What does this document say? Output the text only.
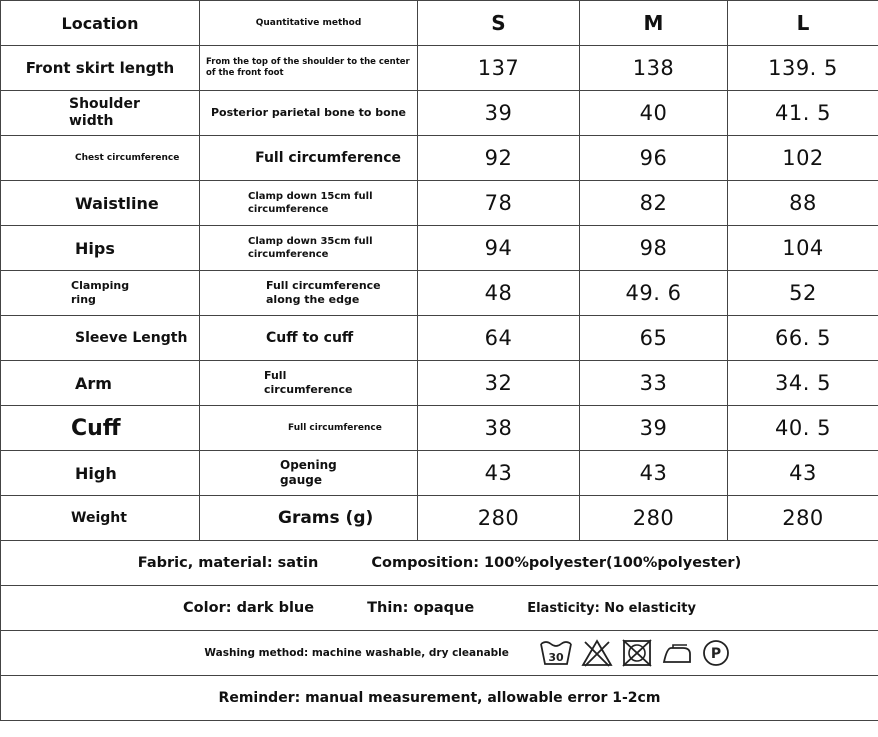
Location	Quantitative method	S	M	L
Front skirt length	From the top of the shoulder to the center of the front foot	137	138	139. 5

Shoulder width	Posterior parietal bone to bone	39	40	41. 5
Chest circumference	Full circumference	92	96	102
Waistline	Clamp down 15cm full circumference	78	82	88
Hips	Clamp down 35cm full circumference	94	98	104

Clamping ring	Full circumference along the edge	48	49. 6	52
Sleeve Length	Cuff to cuff	64	65	66. 5
Arm	Full circumference	32	33	34. 5
Cuff	Full circumference	38	39	40. 5
High	Opening gauge	43	43	43
Weight	Grams (g)	280	280	280
Fabric, material: satin Composition: 100%polyester(100%polyester)				
Color: dark blue Thin: opaque Elasticity: No elasticity				
Washing method: machine washable, dry cleanable 30 P				

Reminder: manual measurement, allowable error 1-2cm				
